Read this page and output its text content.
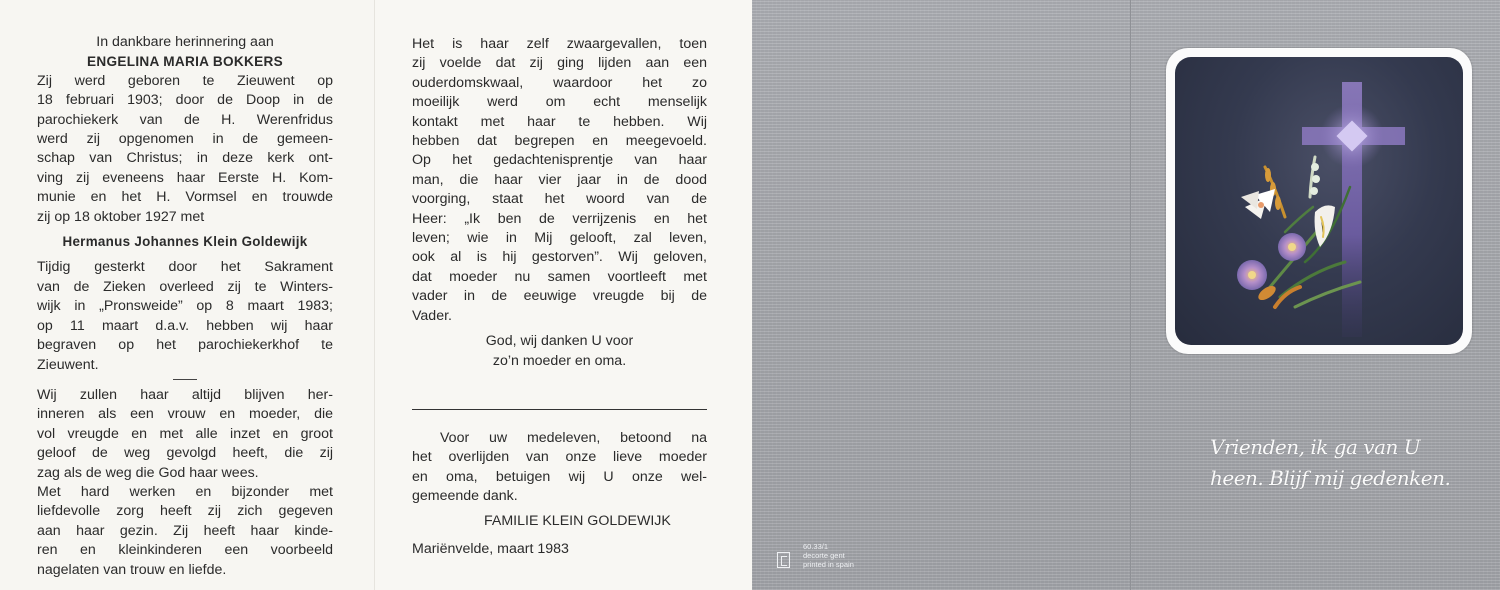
In dankbare herinnering aan

ENGELINA MARIA BOKKERS

Zij werd geboren te Zieuwent op

18 februari 1903; door de Doop in de

parochiekerk van de H. Werenfridus

werd zij opgenomen in de gemeen-

schap van Christus; in deze kerk ont-

ving zij eveneens haar Eerste H. Kom-

munie en het H. Vormsel en trouwde

zij op 18 oktober 1927 met

Hermanus Johannes Klein Goldewijk

Tijdig gesterkt door het Sakrament

van de Zieken overleed zij te Winters-

wijk in „Pronsweide” op 8 maart 1983;

op 11 maart d.a.v. hebben wij haar

begraven op het parochiekerkhof te

Zieuwent.

Wij zullen haar altijd blijven her-

inneren als een vrouw en moeder, die

vol vreugde en met alle inzet en groot

geloof de weg gevolgd heeft, die zij

zag als de weg die God haar wees.

Met hard werken en bijzonder met

liefdevolle zorg heeft zij zich gegeven

aan haar gezin. Zij heeft haar kinde-

ren en kleinkinderen een voorbeeld

nagelaten van trouw en liefde.

Het is haar zelf zwaargevallen, toen

zij voelde dat zij ging lijden aan een

ouderdomskwaal, waardoor het zo

moeilijk werd om echt menselijk

kontakt met haar te hebben. Wij

hebben dat begrepen en meegevoeld.

Op het gedachtenisprentje van haar

man, die haar vier jaar in de dood

voorging, staat het woord van de

Heer: „Ik ben de verrijzenis en het

leven; wie in Mij gelooft, zal leven,

ook al is hij gestorven”. Wij geloven,

dat moeder nu samen voortleeft met

vader in de eeuwige vreugde bij de

Vader.

God, wij danken U voor

zo’n moeder en oma.

Voor uw medeleven, betoond na

het overlijden van onze lieve moeder

en oma, betuigen wij U onze wel-

gemeende dank.

FAMILIE KLEIN GOLDEWIJK
Mariënvelde, maart 1983	60.33/1
decorte gent
printed in spain
Vrienden, ik ga van U
heen. Blijf mij gedenken.
